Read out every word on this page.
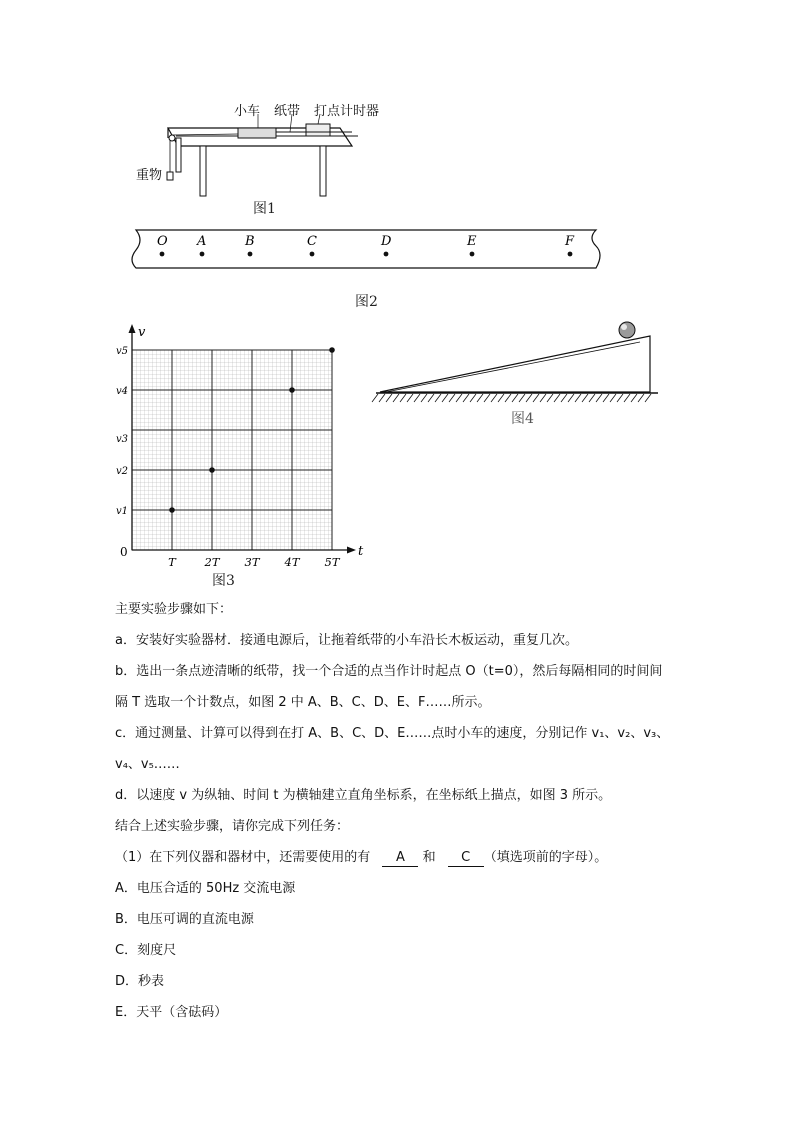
小车 纸带 打点计时器
重物
图1
O A	B	C	D	E	F
图2
t
v
0
T 2T 3T 4T 5T
v1
v2
v3
v4
v5
图3
图4
主要实验步骤如下：
a．安装好实验器材．接通电源后，让拖着纸带的小车沿长木板运动，重复几次。
b．选出一条点迹清晰的纸带，找一个合适的点当作计时起点 O（t=0），然后每隔相同的时间间
隔 T 选取一个计数点，如图 2 中 A、B、C、D、E、F……所示。
c．通过测量、计算可以得到在打 A、B、C、D、E……点时小车的速度，分别记作 v₁、v₂、v₃、
v₄、v₅……
d．以速度 v 为纵轴、时间 t 为横轴建立直角坐标系，在坐标纸上描点，如图 3 所示。
结合上述实验步骤，请你完成下列任务：
（1）在下列仪器和器材中，还需要使用的有 A 和 C （填选项前的字母）。
A．电压合适的 50Hz 交流电源
B．电压可调的直流电源
C．刻度尺
D．秒表
E．天平（含砝码）
